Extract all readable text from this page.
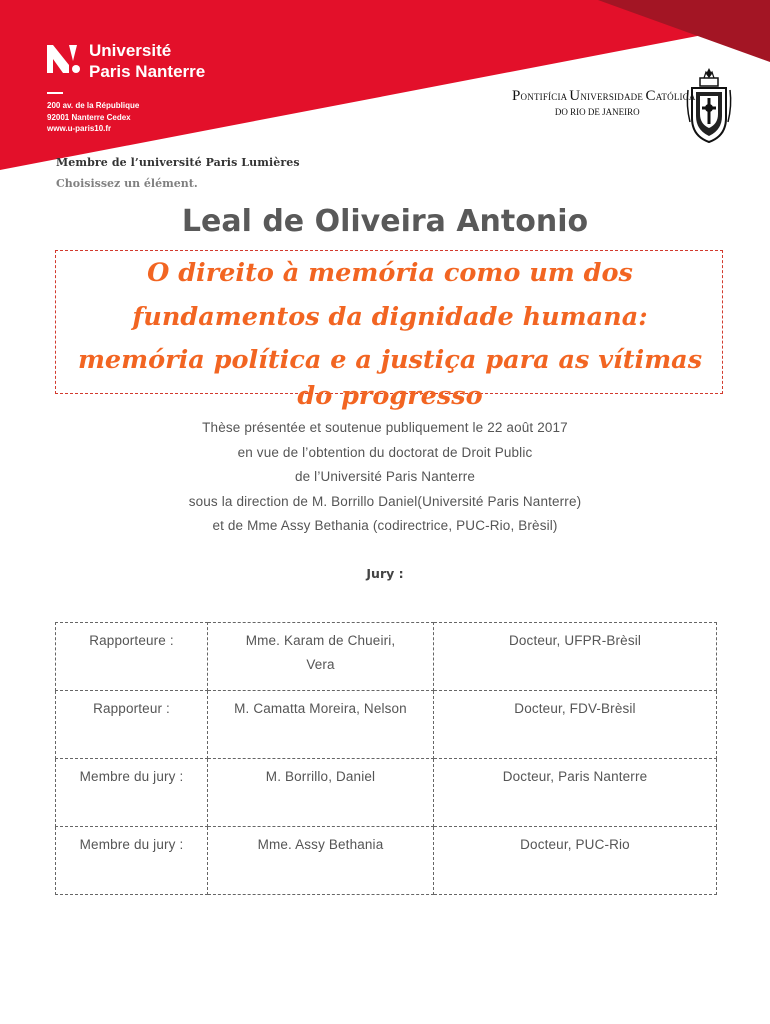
Université
Paris Nanterre
200 av. de la République
92001 Nanterre Cedex
www.u-paris10.fr
PONTIFÍCIA UNIVERSIDADE CATÓLICA
DO RIO DE JANEIRO
Membre de l’université Paris Lumières
Choisissez un élément.
Leal de Oliveira Antonio
O direito à memória como um dos
fundamentos da dignidade humana:
memória política e a justiça para as vítimas
do progresso
Thèse présentée et soutenue publiquement le 22 août 2017
en vue de l’obtention du doctorat de Droit Public
de l’Université Paris Nanterre
sous la direction de M. Borrillo Daniel(Université Paris Nanterre)
et de Mme Assy Bethania (codirectrice, PUC-Rio, Brèsil)
Jury :
Rapporteure :	Mme. Karam de Chueiri, Vera	Docteur, UFPR-Brèsil
Rapporteur :	M. Camatta Moreira, Nelson	Docteur, FDV-Brèsil
Membre du jury :	M. Borrillo, Daniel	Docteur, Paris Nanterre
Membre du jury :	Mme. Assy Bethania	Docteur, PUC-Rio
